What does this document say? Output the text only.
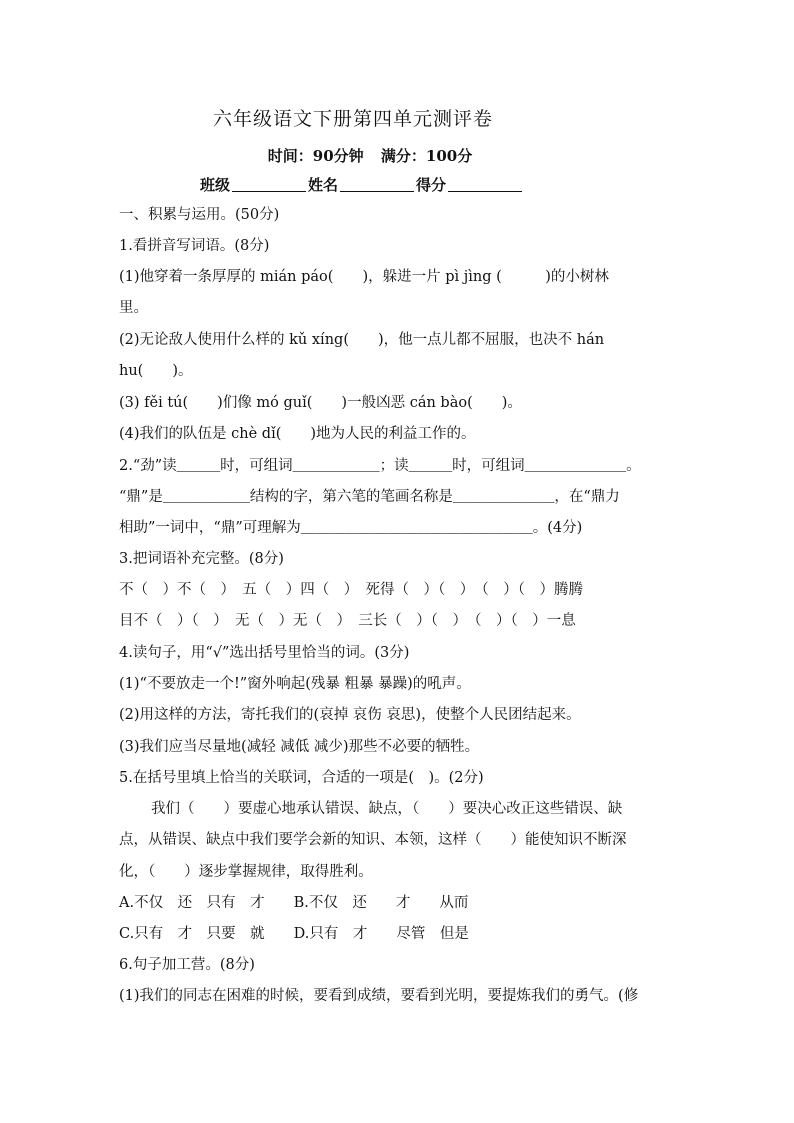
六年级语文下册第四单元测评卷
时间：90分钟 满分：100分
班级	姓名	得分
一、积累与运用。(50分)
1.看拼音写词语。(8分)
(1)他穿着一条厚厚的 mián páo(　　)，躲进一片 pì jìng (　　　)的小树林
里。
(2)无论敌人使用什么样的 kǔ xíng(　　)，他一点儿都不屈服，也决不 hán
hu(　　)。
(3) fěi tú(　　)们像 mó guǐ(　　)一般凶恶 cán bào(　　)。
(4)我们的队伍是 chè dǐ(　　)地为人民的利益工作的。
2.“劲”读＿＿＿时，可组词＿＿＿＿＿＿；读＿＿＿时，可组词＿＿＿＿＿＿＿。
“鼎”是＿＿＿＿＿＿结构的字，第六笔的笔画名称是＿＿＿＿＿＿＿，在“鼎力
相助”一词中，“鼎”可理解为＿＿＿＿＿＿＿＿＿＿＿＿＿＿＿＿。(4分)
3.把词语补充完整。(8分)
不（　）不（　）　五（　）四（　）　死得（　）（　）　（　）（　）腾腾
目不（　）（　）　无（　）无（　）　三长（　）（　）　（　）（　）一息
4.读句子，用“√”选出括号里恰当的词。(3分)
(1)“不要放走一个!”窗外响起(残暴 粗暴 暴躁)的吼声。
(2)用这样的方法，寄托我们的(哀掉 哀伤 哀思)，使整个人民团结起来。
(3)我们应当尽量地(减轻 减低 减少)那些不必要的牺牲。
5.在括号里填上恰当的关联词，合适的一项是(　)。(2分)
我们（　　）要虚心地承认错误、缺点，（　　）要决心改正这些错误、缺
点，从错误、缺点中我们要学会新的知识、本领，这样（　　）能使知识不断深
化，（　　）逐步掌握规律，取得胜利。
A.不仅　还　只有　才　　B.不仅　还　　才　　从而
C.只有　才　只要　就　　D.只有　才　　尽管　但是
6.句子加工营。(8分)
(1)我们的同志在困难的时候，要看到成绩，要看到光明，要提炼我们的勇气。(修
